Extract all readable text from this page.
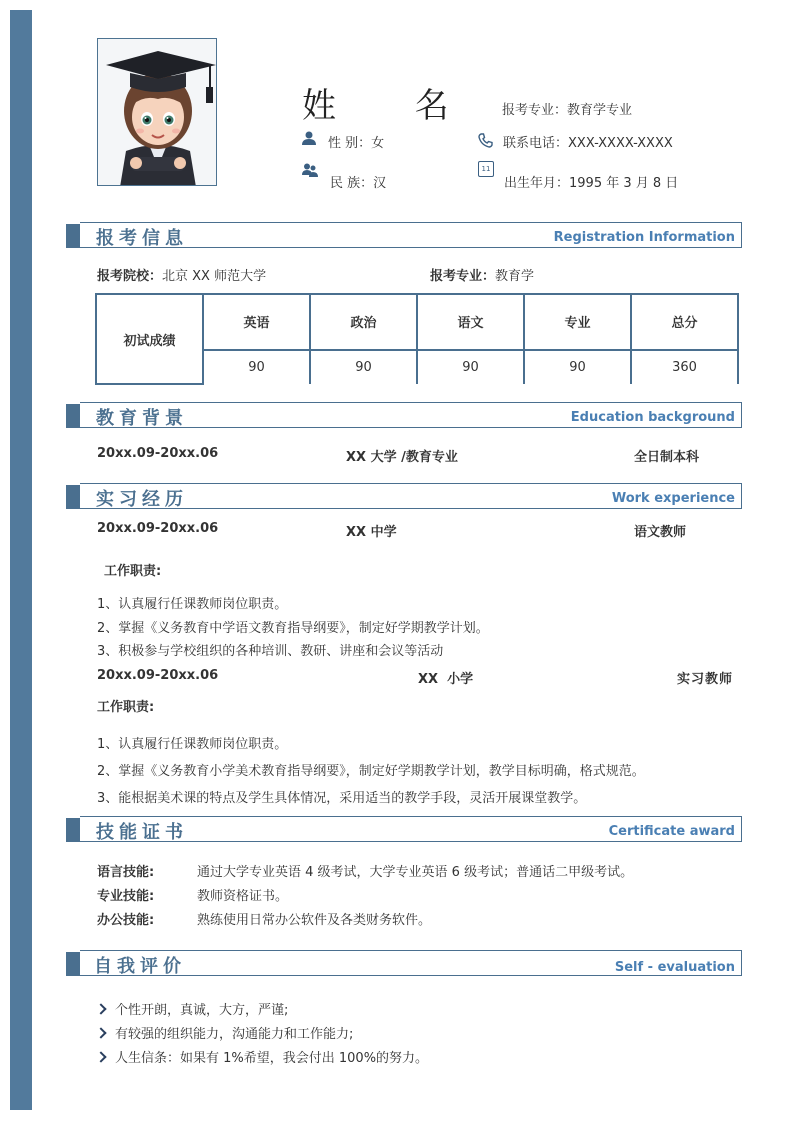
姓 名 报考专业：教育学专业
性 别：女	联系电话：XXX-XXXX-XXXX
民 族：汉
11
出生年月：1995 年 3 月 8 日
报考信息	Registration Information
报考院校：北京 XX 师范大学	报考专业：教育学
初试成绩	英语	政治	语文	专业	总分
	90	90	90	90	360
教育背景	Education background
20xx.09-20xx.06	XX 大学 /教育专业	全日制本科
实习经历	Work experience
20xx.09-20xx.06	XX 中学	语文教师
工作职责:
1、认真履行任课教师岗位职责。
2、掌握《义务教育中学语文教育指导纲要》，制定好学期教学计划。
3、积极参与学校组织的各种培训、教研、讲座和会议等活动
20xx.09-20xx.06	XX  小学	实习教师
工作职责:
1、认真履行任课教师岗位职责。
2、掌握《义务教育小学美术教育指导纲要》，制定好学期教学计划，教学目标明确，格式规范。
3、能根据美术课的特点及学生具体情况，采用适当的教学手段，灵活开展课堂教学。
技能证书	Certificate award
语言技能:	通过大学专业英语 4 级考试，大学专业英语 6 级考试；普通话二甲级考试。
专业技能:	教师资格证书。
办公技能:	熟练使用日常办公软件及各类财务软件。
自我评价	Self - evaluation
个性开朗，真诚，大方，严谨;
有较强的组织能力，沟通能力和工作能力;
人生信条：如果有 1%希望，我会付出 100%的努力。
